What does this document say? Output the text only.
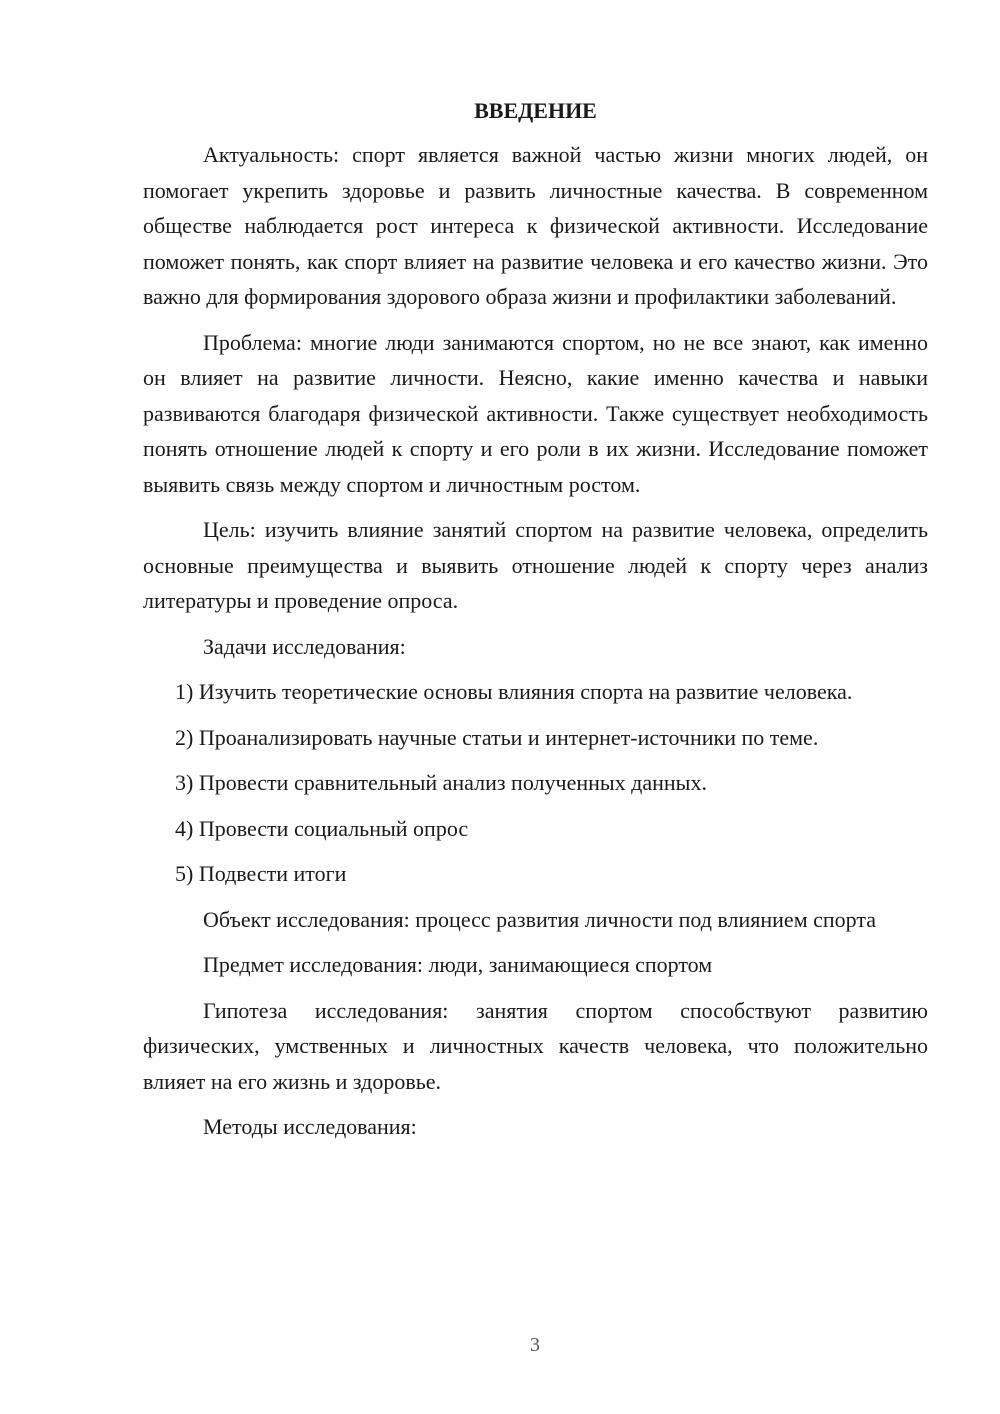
ВВЕДЕНИЕ

Актуальность: спорт является важной частью жизни многих людей, он помогает укрепить здоровье и развить личностные качества. В современном обществе наблюдается рост интереса к физической активности. Исследование поможет понять, как спорт влияет на развитие человека и его качество жизни. Это важно для формирования здорового образа жизни и профилактики заболеваний.

Проблема: многие люди занимаются спортом, но не все знают, как именно он влияет на развитие личности. Неясно, какие именно качества и навыки развиваются благодаря физической активности. Также существует необходимость понять отношение людей к спорту и его роли в их жизни. Исследование поможет выявить связь между спортом и личностным ростом.

Цель: изучить влияние занятий спортом на развитие человека, определить основные преимущества и выявить отношение людей к спорту через анализ литературы и проведение опроса.

Задачи исследования:

1) Изучить теоретические основы влияния спорта на развитие человека.

2) Проанализировать научные статьи и интернет-источники по теме.

3) Провести сравнительный анализ полученных данных.

4) Провести социальный опрос

5) Подвести итоги

Объект исследования: процесс развития личности под влиянием спорта

Предмет исследования: люди, занимающиеся спортом

Гипотеза исследования: занятия спортом способствуют развитию физических, умственных и личностных качеств человека, что положительно влияет на его жизнь и здоровье.

Методы исследования:

3
